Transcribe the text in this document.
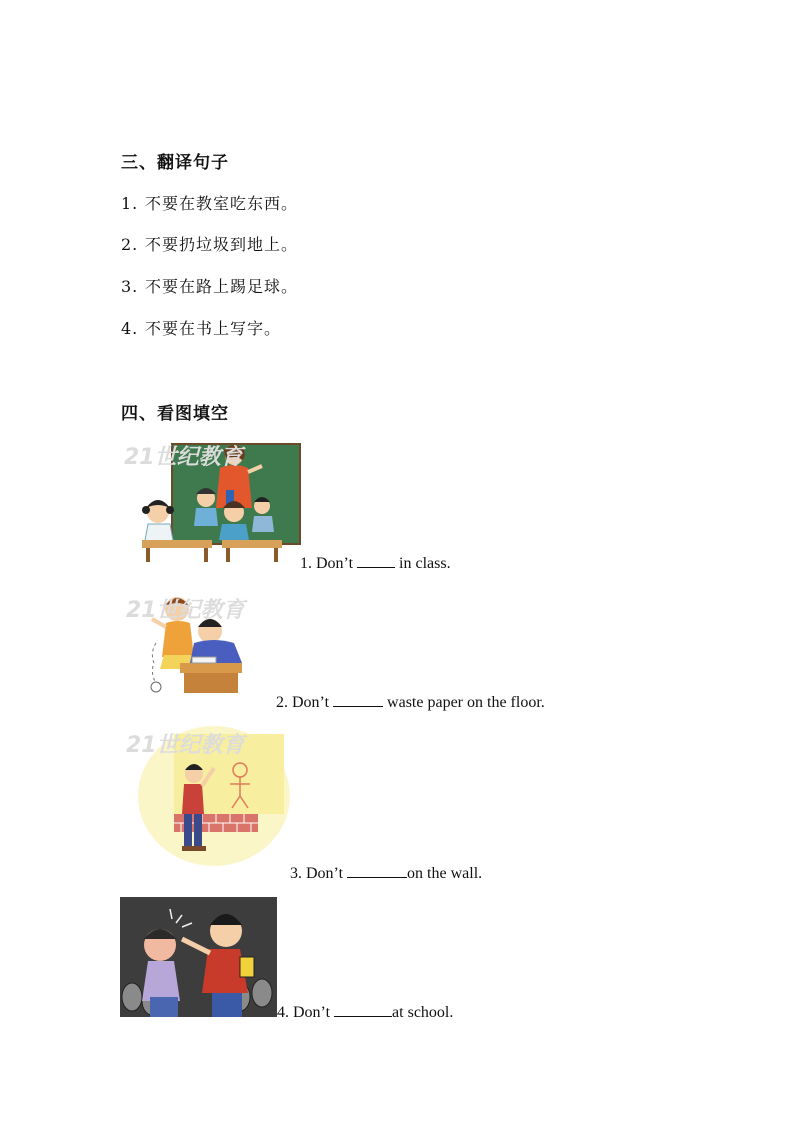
三、翻译句子
1. 不要在教室吃东西。
2. 不要扔垃圾到地上。
3. 不要在路上踢足球。
4. 不要在书上写字。
四、看图填空
21世纪教育
1. Don’t  in class.
21世纪教育
2. Don’t	waste paper on the floor.
21世纪教育
3. Don’t	on the wall.
4. Don’t	at school.
